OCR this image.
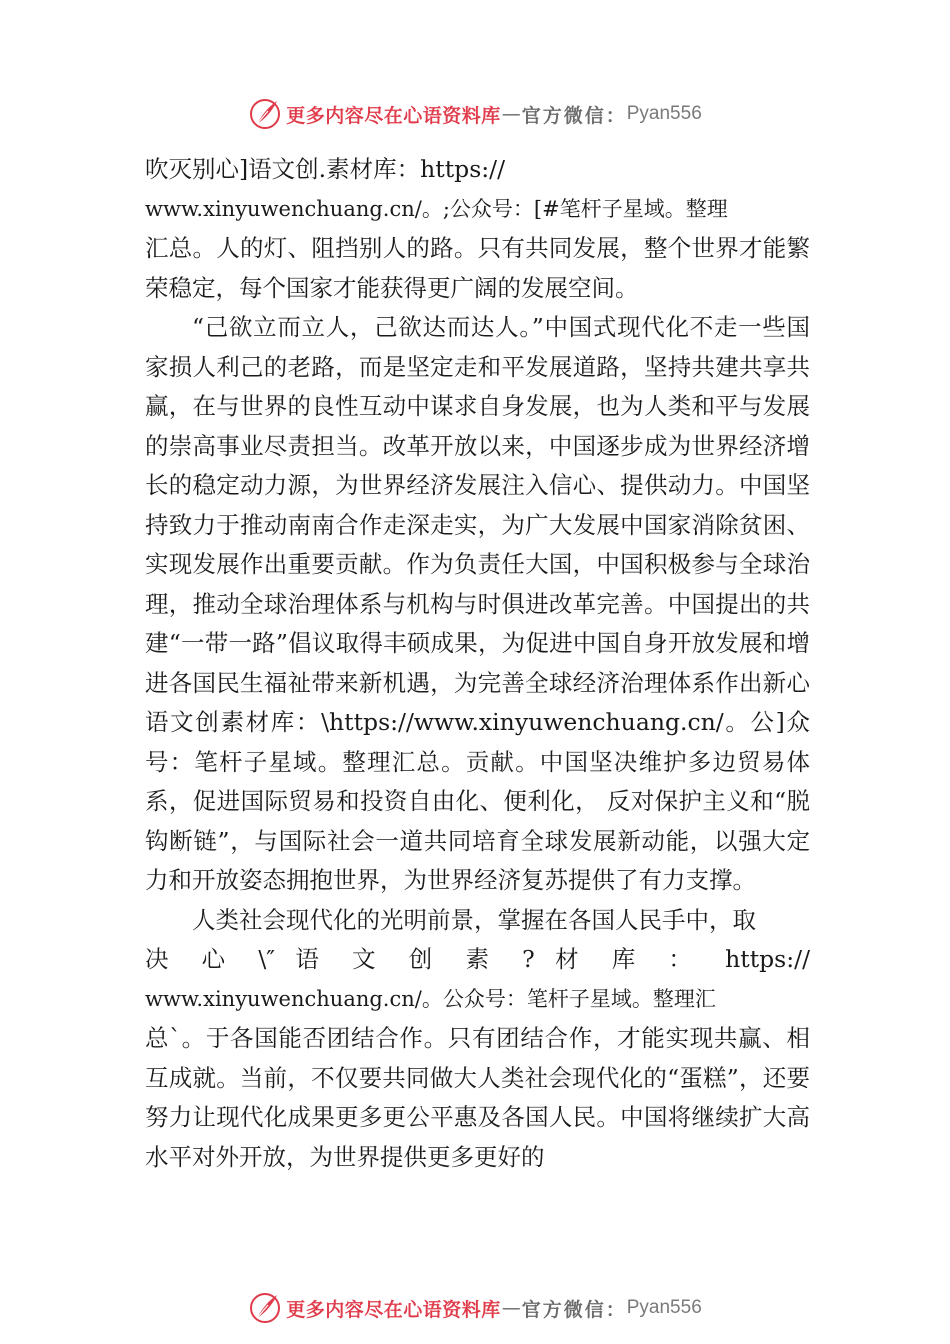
更多内容尽在心语资料库 — 官方微信： Pyan556

吹灭别心]语文创.素材库：https://

www.xinyuwenchuang.cn/。;公众号：[#笔杆子星域。整理

汇总。人的灯、阻挡别人的路。只有共同发展，整个世界才能繁荣稳定，每个国家才能获得更广阔的发展空间。

“己欲立而立人，己欲达而达人。”中国式现代化不走一些国家损人利己的老路，而是坚定走和平发展道路，坚持共建共享共赢，在与世界的良性互动中谋求自身发展，也为人类和平与发展的崇高事业尽责担当。改革开放以来，中国逐步成为世界经济增长的稳定动力源，为世界经济发展注入信心、提供动力。中国坚持致力于推动南南合作走深走实，为广大发展中国家消除贫困、实现发展作出重要贡献。作为负责任大国，中国积极参与全球治理，推动全球治理体系与机构与时俱进改革完善。中国提出的共建“一带一路”倡议取得丰硕成果，为促进中国自身开放发展和增进各国民生福祉带来新机遇，为完善全球经济治理体系作出新心语文创素材库：\https://www.xinyuwenchuang.cn/。公]众号：笔杆子星域。整理汇总。贡献。中国坚决维护多边贸易体系，促进国际贸易和投资自由化、便利化， 反对保护主义和“脱钩断链”，与国际社会一道共同培育全球发展新动能，以强大定力和开放姿态拥抱世界，为世界经济复苏提供了有力支撑。

人类社会现代化的光明前景，掌握在各国人民手中，取

决 心 \″ 语 文 创 素 ? 材 库 ： https://

www.xinyuwenchuang.cn/。公众号：笔杆子星域。整理汇

总`。于各国能否团结合作。只有团结合作，才能实现共赢、相互成就。当前，不仅要共同做大人类社会现代化的“蛋糕”，还要努力让现代化成果更多更公平惠及各国人民。中国将继续扩大高水平对外开放，为世界提供更多更好的

更多内容尽在心语资料库 — 官方微信： Pyan556
